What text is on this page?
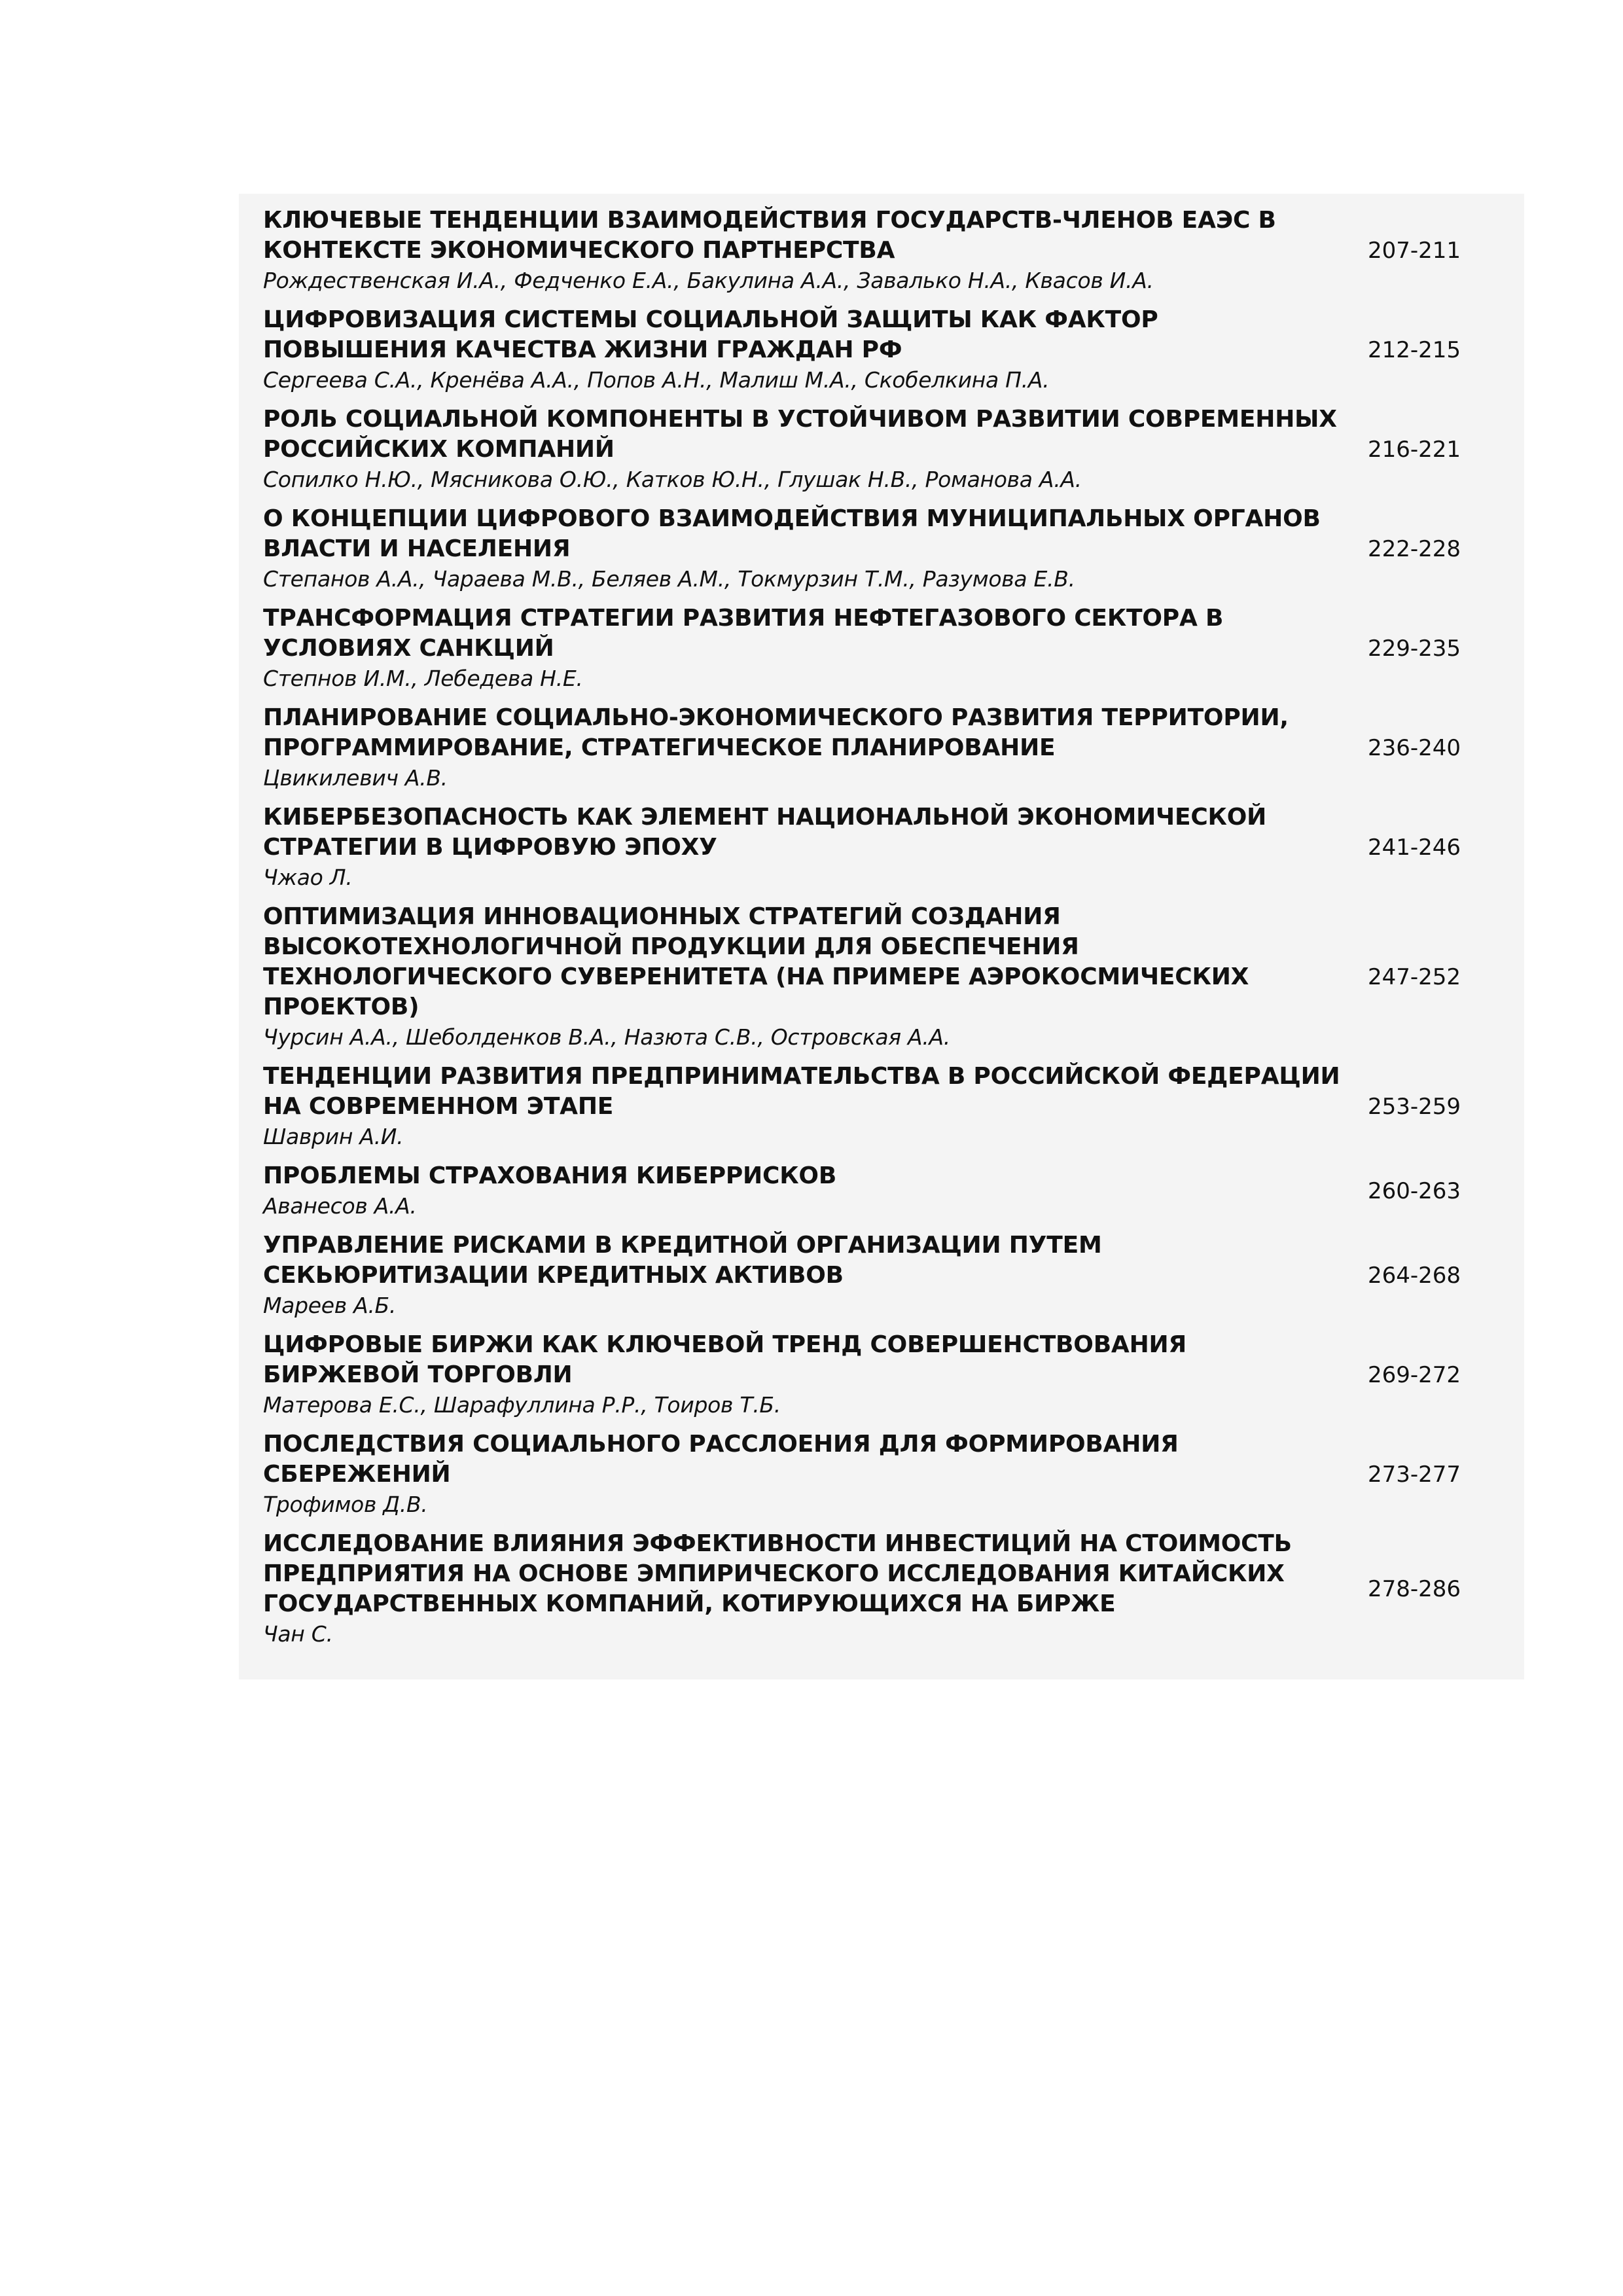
КЛЮЧЕВЫЕ ТЕНДЕНЦИИ ВЗАИМОДЕЙСТВИЯ ГОСУДАРСТВ-ЧЛЕНОВ ЕАЭС В КОНТЕКСТЕ ЭКОНОМИЧЕСКОГО ПАРТНЕРСТВА
Рождественская И.А., Федченко Е.А., Бакулина А.А., Завалько Н.А., Квасов И.А.
207-211
ЦИФРОВИЗАЦИЯ СИСТЕМЫ СОЦИАЛЬНОЙ ЗАЩИТЫ КАК ФАКТОР ПОВЫШЕНИЯ КАЧЕСТВА ЖИЗНИ ГРАЖДАН РФ
Сергеева С.А., Кренёва А.А., Попов А.Н., Малиш М.А., Скобелкина П.А.
212-215
РОЛЬ СОЦИАЛЬНОЙ КОМПОНЕНТЫ В УСТОЙЧИВОМ РАЗВИТИИ СОВРЕМЕННЫХ РОССИЙСКИХ КОМПАНИЙ
Сопилко Н.Ю., Мясникова О.Ю., Катков Ю.Н., Глушак Н.В., Романова А.А.
216-221
О КОНЦЕПЦИИ ЦИФРОВОГО ВЗАИМОДЕЙСТВИЯ МУНИЦИПАЛЬНЫХ ОРГАНОВ ВЛАСТИ И НАСЕЛЕНИЯ
Степанов А.А., Чараева М.В., Беляев А.М., Токмурзин Т.М., Разумова Е.В.
222-228
ТРАНСФОРМАЦИЯ СТРАТЕГИИ РАЗВИТИЯ НЕФТЕГАЗОВОГО СЕКТОРА В УСЛОВИЯХ САНКЦИЙ
Степнов И.М., Лебедева Н.Е.
229-235
ПЛАНИРОВАНИЕ СОЦИАЛЬНО-ЭКОНОМИЧЕСКОГО РАЗВИТИЯ ТЕРРИТОРИИ, ПРОГРАММИРОВАНИЕ, СТРАТЕГИЧЕСКОЕ ПЛАНИРОВАНИЕ
Цвикилевич А.В.
236-240
КИБЕРБЕЗОПАСНОСТЬ КАК ЭЛЕМЕНТ НАЦИОНАЛЬНОЙ ЭКОНОМИЧЕСКОЙ СТРАТЕГИИ В ЦИФРОВУЮ ЭПОХУ
Чжао Л.
241-246
ОПТИМИЗАЦИЯ ИННОВАЦИОННЫХ СТРАТЕГИЙ СОЗДАНИЯ ВЫСОКОТЕХНОЛОГИЧНОЙ ПРОДУКЦИИ ДЛЯ ОБЕСПЕЧЕНИЯ ТЕХНОЛОГИЧЕСКОГО СУВЕРЕНИТЕТА (НА ПРИМЕРЕ АЭРОКОСМИЧЕСКИХ ПРОЕКТОВ)
Чурсин А.А., Шеболденков В.А., Назюта С.В., Островская А.А.
247-252
ТЕНДЕНЦИИ РАЗВИТИЯ ПРЕДПРИНИМАТЕЛЬСТВА В РОССИЙСКОЙ ФЕДЕРАЦИИ НА СОВРЕМЕННОМ ЭТАПЕ
Шаврин А.И.
253-259
ПРОБЛЕМЫ СТРАХОВАНИЯ КИБЕРРИСКОВ
Аванесов А.А.
260-263
УПРАВЛЕНИЕ РИСКАМИ В КРЕДИТНОЙ ОРГАНИЗАЦИИ ПУТЕМ СЕКЬЮРИТИЗАЦИИ КРЕДИТНЫХ АКТИВОВ
Мареев А.Б.
264-268
ЦИФРОВЫЕ БИРЖИ КАК КЛЮЧЕВОЙ ТРЕНД СОВЕРШЕНСТВОВАНИЯ БИРЖЕВОЙ ТОРГОВЛИ
Матерова Е.С., Шарафуллина Р.Р., Тоиров Т.Б.
269-272
ПОСЛЕДСТВИЯ СОЦИАЛЬНОГО РАССЛОЕНИЯ ДЛЯ ФОРМИРОВАНИЯ СБЕРЕЖЕНИЙ
Трофимов Д.В.
273-277
ИССЛЕДОВАНИЕ ВЛИЯНИЯ ЭФФЕКТИВНОСТИ ИНВЕСТИЦИЙ НА СТОИМОСТЬ ПРЕДПРИЯТИЯ НА ОСНОВЕ ЭМПИРИЧЕСКОГО ИССЛЕДОВАНИЯ КИТАЙСКИХ ГОСУДАРСТВЕННЫХ КОМПАНИЙ, КОТИРУЮЩИХСЯ НА БИРЖЕ
Чан С.
278-286
